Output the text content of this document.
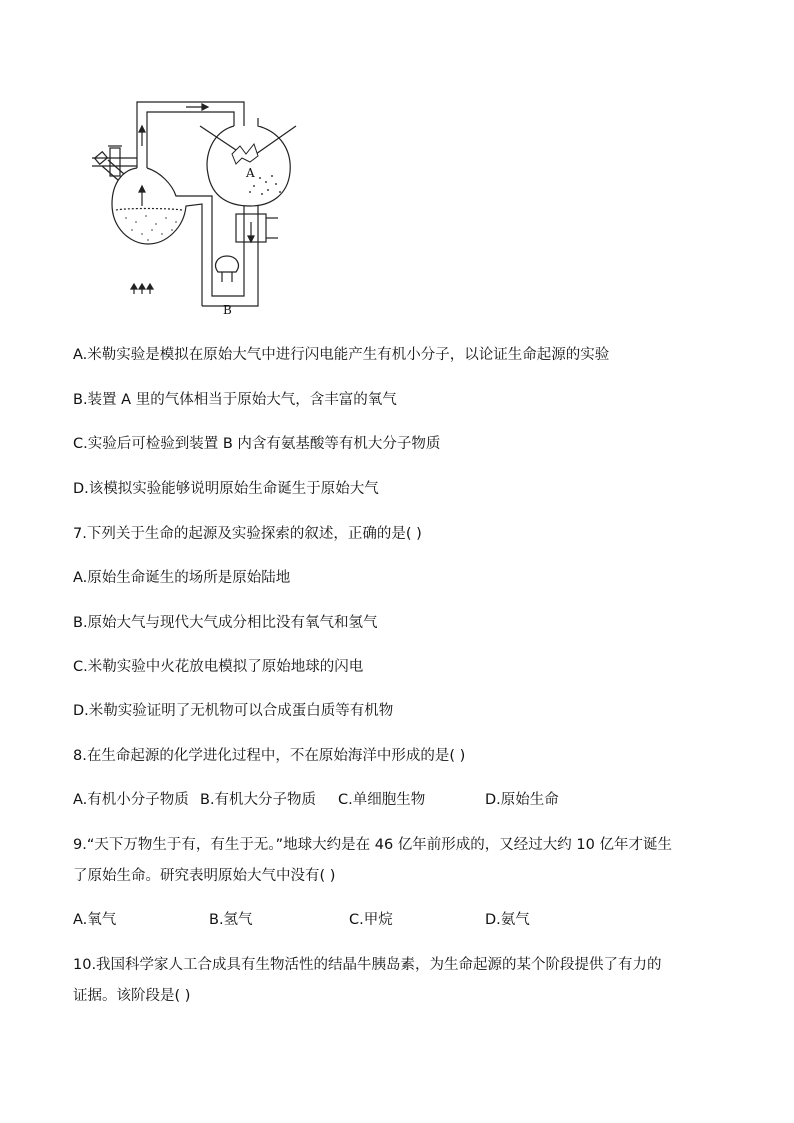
A
B
A.米勒实验是模拟在原始大气中进行闪电能产生有机小分子，以论证生命起源的实验
B.装置 A 里的气体相当于原始大气，含丰富的氧气
C.实验后可检验到装置 B 内含有氨基酸等有机大分子物质
D.该模拟实验能够说明原始生命诞生于原始大气
7.下列关于生命的起源及实验探索的叙述，正确的是( )
A.原始生命诞生的场所是原始陆地
B.原始大气与现代大气成分相比没有氧气和氢气
C.米勒实验中火花放电模拟了原始地球的闪电
D.米勒实验证明了无机物可以合成蛋白质等有机物
8.在生命起源的化学进化过程中，不在原始海洋中形成的是( )
A.有机小分子物质 B.有机大分子物质 C.单细胞生物	D.原始生命
9.“天下万物生于有，有生于无。”地球大约是在 46 亿年前形成的，又经过大约 10 亿年才诞生
了原始生命。研究表明原始大气中没有( )
A.氧气	B.氢气	C.甲烷	D.氨气
10.我国科学家人工合成具有生物活性的结晶牛胰岛素，为生命起源的某个阶段提供了有力的
证据。该阶段是( )
